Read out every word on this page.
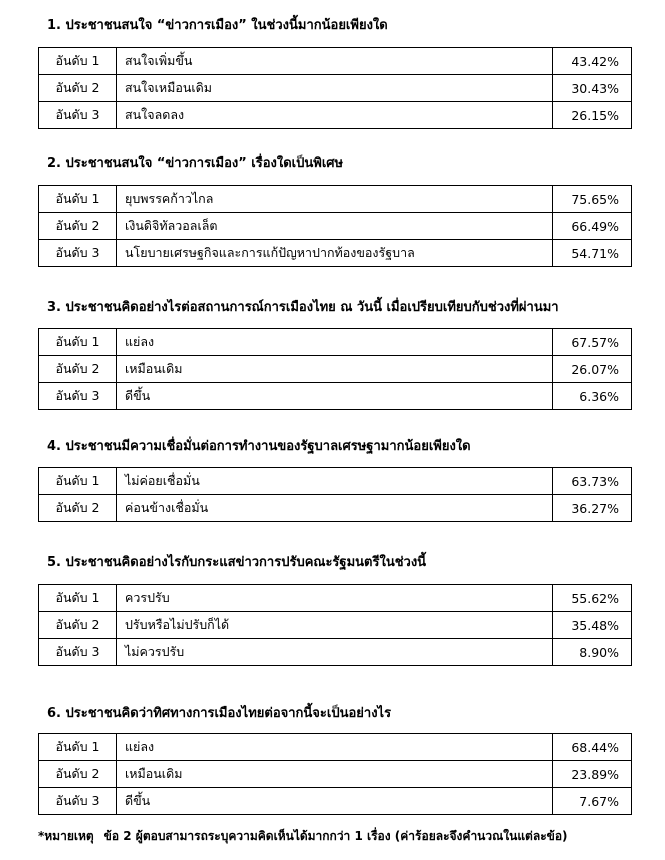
1. ประชาชนสนใจ “ข่าวการเมือง” ในช่วงนี้มากน้อยเพียงใด
อันดับ 1	สนใจเพิ่มขึ้น	43.42%
อันดับ 2	สนใจเหมือนเดิม	30.43%
อันดับ 3	สนใจลดลง	26.15%
2. ประชาชนสนใจ “ข่าวการเมือง” เรื่องใดเป็นพิเศษ
อันดับ 1	ยุบพรรคก้าวไกล	75.65%
อันดับ 2	เงินดิจิทัลวอลเล็ต	66.49%
อันดับ 3	นโยบายเศรษฐกิจและการแก้ปัญหาปากท้องของรัฐบาล	54.71%
3. ประชาชนคิดอย่างไรต่อสถานการณ์การเมืองไทย ณ วันนี้ เมื่อเปรียบเทียบกับช่วงที่ผ่านมา
อันดับ 1	แย่ลง	67.57%
อันดับ 2	เหมือนเดิม	26.07%
อันดับ 3	ดีขึ้น	6.36%
4. ประชาชนมีความเชื่อมั่นต่อการทำงานของรัฐบาลเศรษฐามากน้อยเพียงใด
อันดับ 1	ไม่ค่อยเชื่อมั่น	63.73%
อันดับ 2	ค่อนข้างเชื่อมั่น	36.27%
5. ประชาชนคิดอย่างไรกับกระแสข่าวการปรับคณะรัฐมนตรีในช่วงนี้
อันดับ 1	ควรปรับ	55.62%
อันดับ 2	ปรับหรือไม่ปรับก็ได้	35.48%
อันดับ 3	ไม่ควรปรับ	8.90%
6. ประชาชนคิดว่าทิศทางการเมืองไทยต่อจากนี้จะเป็นอย่างไร
อันดับ 1	แย่ลง	68.44%
อันดับ 2	เหมือนเดิม	23.89%
อันดับ 3	ดีขึ้น	7.67%
*หมายเหตุ ข้อ 2 ผู้ตอบสามารถระบุความคิดเห็นได้มากกว่า 1 เรื่อง (ค่าร้อยละจึงคำนวณในแต่ละข้อ)
